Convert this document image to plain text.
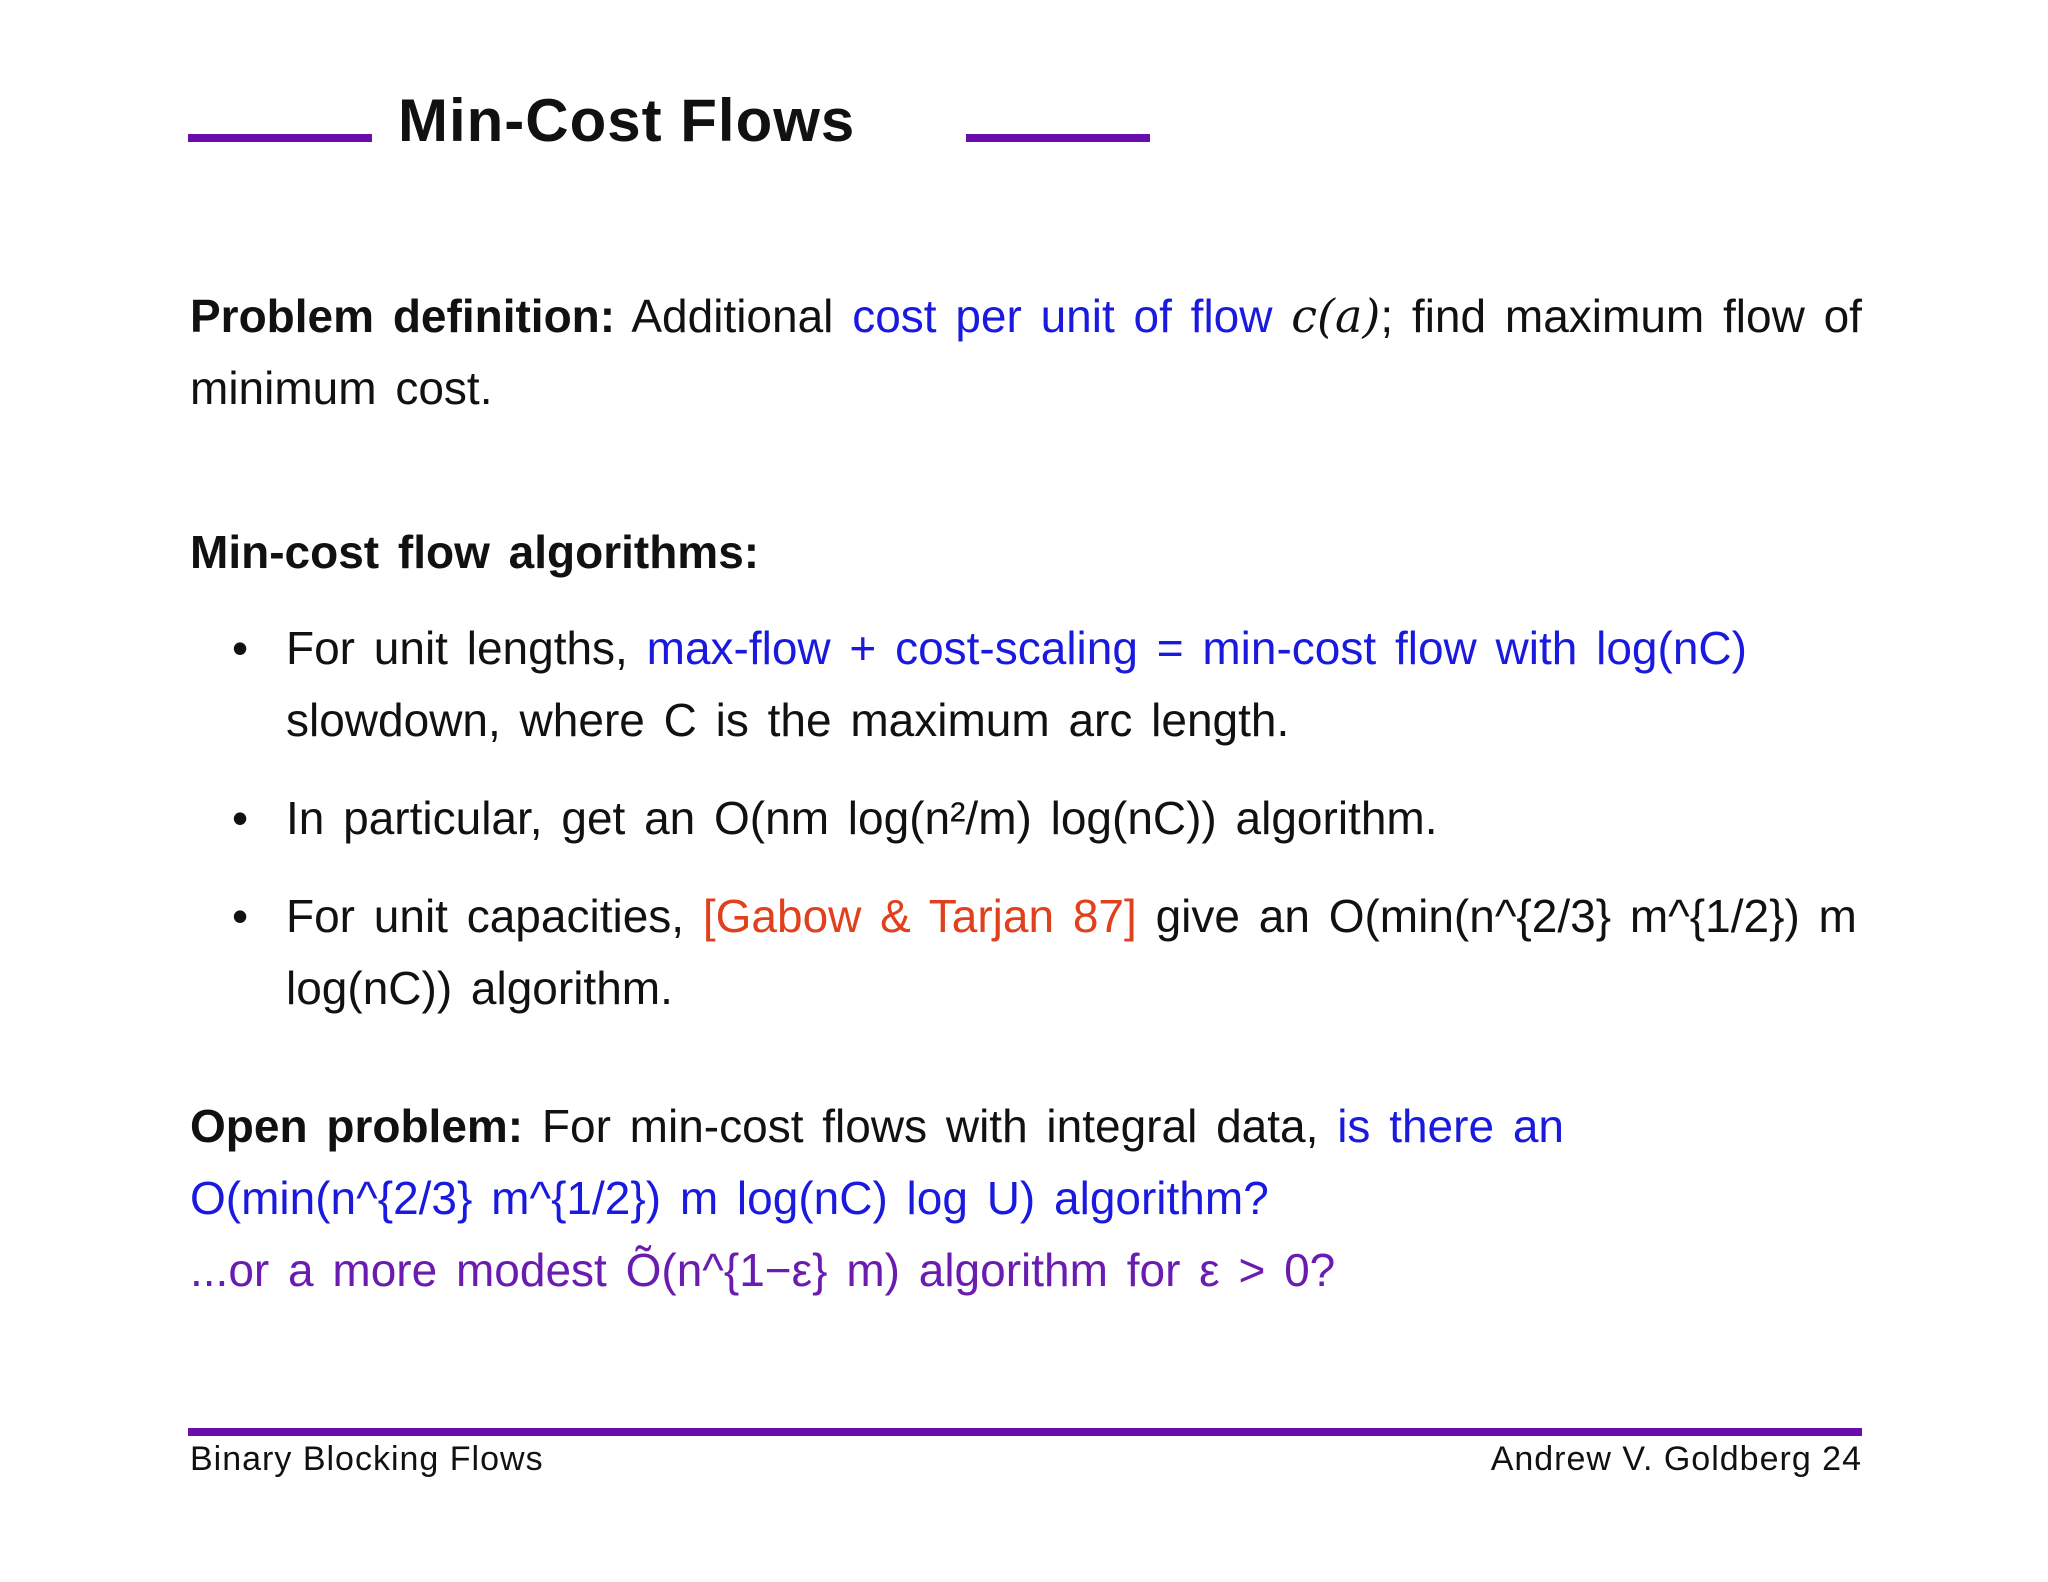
Min-Cost Flows
Problem definition: Additional cost per unit of flow c(a); find maximum flow of minimum cost.
Min-cost flow algorithms:
• For unit lengths, max-flow + cost-scaling = min-cost flow with log(nC) slowdown, where C is the maximum arc length.
• In particular, get an O(nm log(n²/m) log(nC)) algorithm.
• For unit capacities, [Gabow & Tarjan 87] give an O(min(n^{2/3} m^{1/2}) m log(nC)) algorithm.
Open problem: For min-cost flows with integral data, is there an O(min(n^{2/3} m^{1/2}) m log(nC) log U) algorithm?
...or a more modest Õ(n^{1−ε} m) algorithm for ε > 0?
Binary Blocking Flows	Andrew V. Goldberg 24
